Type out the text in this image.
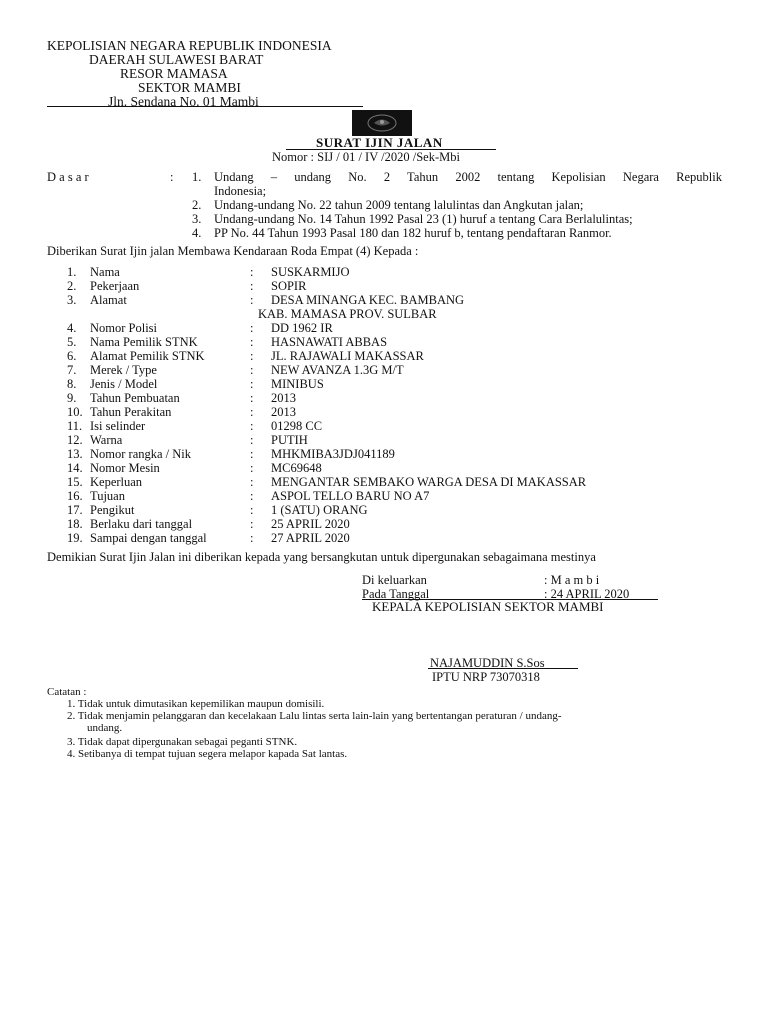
KEPOLISIAN NEGARA REPUBLIK INDONESIA
DAERAH SULAWESI BARAT
RESOR MAMASA
SEKTOR MAMBI
Jln. Sendana No. 01 Mambi
SURAT IJIN JALAN
Nomor : SIJ / 01 / IV /2020 /Sek-Mbi
D a s a r	: 1. Undang – undang No. 2 Tahun 2002 tentang Kepolisian Negara Republik
Indonesia;
2. Undang-undang No. 22 tahun 2009 tentang lalulintas dan Angkutan jalan;
3. Undang-undang No. 14 Tahun 1992 Pasal 23 (1) huruf a tentang Cara Berlalulintas;
4. PP No. 44 Tahun 1993 Pasal 180 dan 182 huruf b, tentang pendaftaran Ranmor.
Diberikan Surat Ijin jalan Membawa Kendaraan Roda Empat (4) Kepada :
1. Nama	: SUSKARMIJO
2. Pekerjaan	: SOPIR
3. Alamat	: DESA MINANGA KEC. BAMBANG
KAB. MAMASA PROV. SULBAR
4. Nomor Polisi	: DD 1962 IR
5. Nama Pemilik STNK	: HASNAWATI ABBAS
6. Alamat Pemilik STNK	: JL. RAJAWALI MAKASSAR
7. Merek / Type	: NEW AVANZA 1.3G M/T
8. Jenis / Model	: MINIBUS
9. Tahun Pembuatan	: 2013
10. Tahun Perakitan	: 2013
11. Isi selinder	: 01298 CC
12. Warna	: PUTIH
13. Nomor rangka / Nik	: MHKMIBA3JDJ041189
14. Nomor Mesin	: MC69648
15. Keperluan	: MENGANTAR SEMBAKO WARGA DESA DI MAKASSAR
16. Tujuan	: ASPOL TELLO BARU NO A7
17. Pengikut	: 1 (SATU) ORANG
18. Berlaku dari tanggal	: 25 APRIL 2020
19. Sampai dengan tanggal	: 27 APRIL 2020
Demikian Surat Ijin Jalan ini diberikan kepada yang bersangkutan untuk dipergunakan sebagaimana mestinya
Di keluarkan	: M a m b i
Pada Tanggal	: 24 APRIL 2020
KEPALA KEPOLISIAN SEKTOR MAMBI
NAJAMUDDIN S.Sos
IPTU NRP 73070318
Catatan :
1. Tidak untuk dimutasikan kepemilikan maupun domisili.
2. Tidak menjamin pelanggaran dan kecelakaan Lalu lintas serta lain-lain yang bertentangan peraturan / undang-
undang.
3. Tidak dapat dipergunakan sebagai peganti STNK.
4. Setibanya di tempat tujuan segera melapor kapada Sat lantas.
